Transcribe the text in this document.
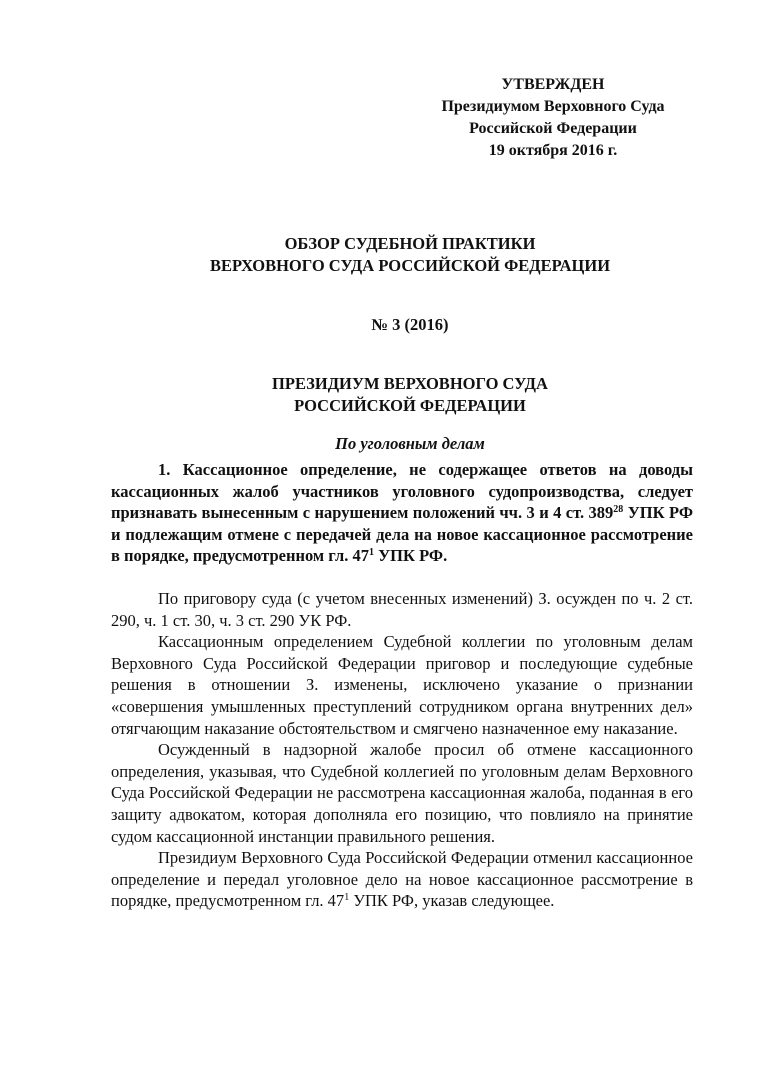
УТВЕРЖДЕН
Президиумом Верховного Суда
Российской Федерации
19 октября 2016 г.
ОБЗОР СУДЕБНОЙ ПРАКТИКИ
ВЕРХОВНОГО СУДА РОССИЙСКОЙ ФЕДЕРАЦИИ
№ 3 (2016)
ПРЕЗИДИУМ ВЕРХОВНОГО СУДА
РОССИЙСКОЙ ФЕДЕРАЦИИ
По уголовным делам

1. Кассационное определение, не содержащее ответов на доводы кассационных жалоб участников уголовного судопроизводства, следует признавать вынесенным с нарушением положений чч. 3 и 4 ст. $389^{28}$ УПК РФ и подлежащим отмене с передачей дела на новое кассационное рассмотрение в порядке, предусмотренном гл. $47^1$ УПК РФ.

По приговору суда (с учетом внесенных изменений) З. осужден по ч. 2 ст. 290, ч. 1 ст. 30, ч. 3 ст. 290 УК РФ.

Кассационным определением Судебной коллегии по уголовным делам Верховного Суда Российской Федерации приговор и последующие судебные решения в отношении З. изменены, исключено указание о признании «совершения умышленных преступлений сотрудником органа внутренних дел» отягчающим наказание обстоятельством и смягчено назначенное ему наказание.

Осужденный в надзорной жалобе просил об отмене кассационного определения, указывая, что Судебной коллегией по уголовным делам Верховного Суда Российской Федерации не рассмотрена кассационная жалоба, поданная в его защиту адвокатом, которая дополняла его позицию, что повлияло на принятие судом кассационной инстанции правильного решения.

Президиум Верховного Суда Российской Федерации отменил кассационное определение и передал уголовное дело на новое кассационное рассмотрение в порядке, предусмотренном гл. $47^1$ УПК РФ, указав следующее.
